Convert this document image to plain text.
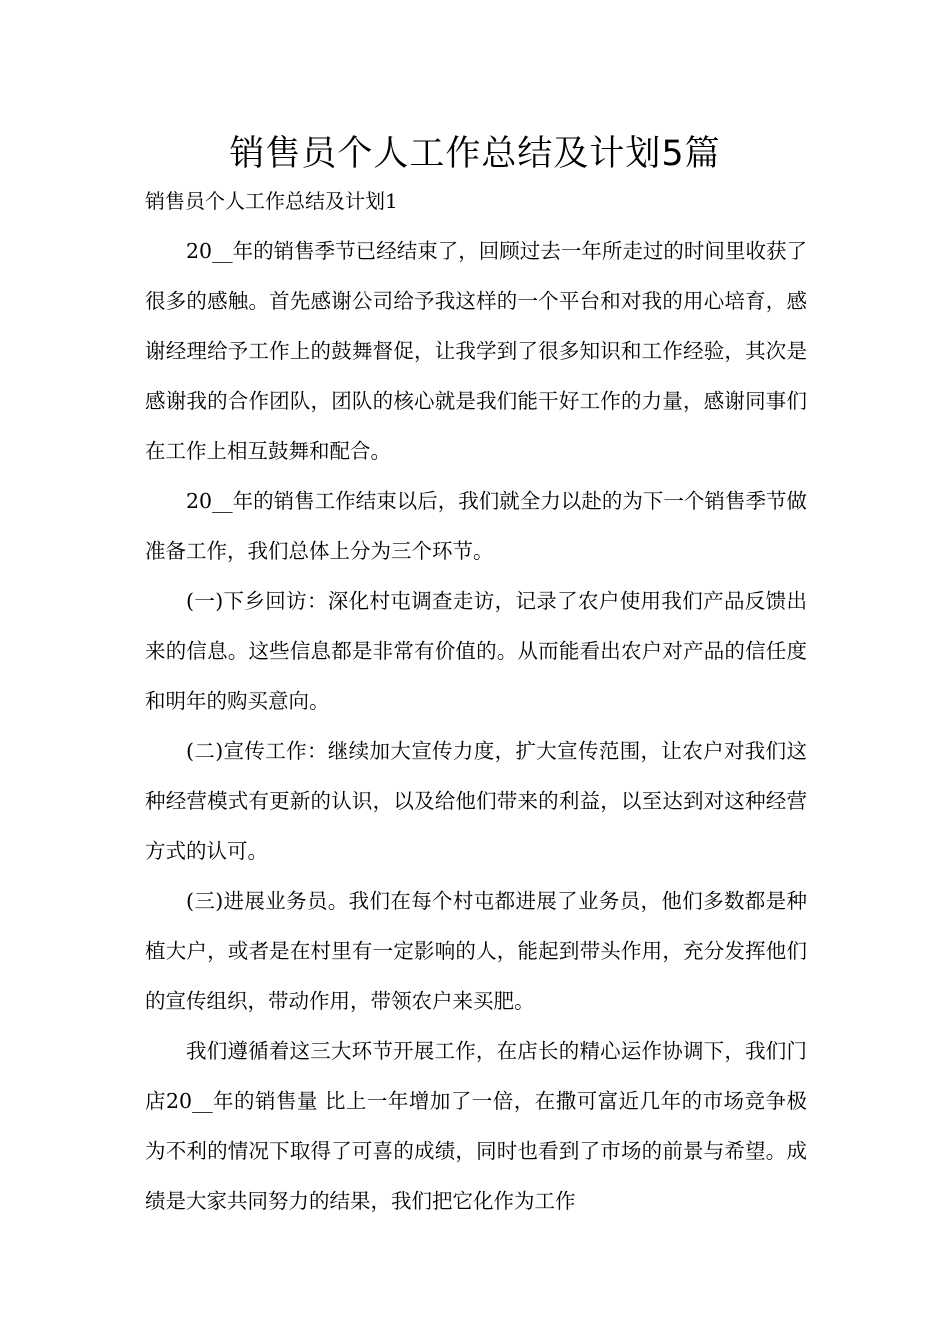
销售员个人工作总结及计划5篇
销售员个人工作总结及计划1

20__年的销售季节已经结束了，回顾过去一年所走过的时间里收获了很多的感触。首先感谢公司给予我这样的一个平台和对我的用心培育，感谢经理给予工作上的鼓舞督促，让我学到了很多知识和工作经验，其次是感谢我的合作团队，团队的核心就是我们能干好工作的力量，感谢同事们在工作上相互鼓舞和配合。

20__年的销售工作结束以后，我们就全力以赴的为下一个销售季节做准备工作，我们总体上分为三个环节。

(一)下乡回访：深化村屯调查走访，记录了农户使用我们产品反馈出来的信息。这些信息都是非常有价值的。从而能看出农户对产品的信任度和明年的购买意向。

(二)宣传工作：继续加大宣传力度，扩大宣传范围，让农户对我们这种经营模式有更新的认识，以及给他们带来的利益，以至达到对这种经营方式的认可。

(三)进展业务员。我们在每个村屯都进展了业务员，他们多数都是种植大户，或者是在村里有一定影响的人，能起到带头作用，充分发挥他们的宣传组织，带动作用，带领农户来买肥。

我们遵循着这三大环节开展工作，在店长的精心运作协调下，我们门店20__年的销售量 比上一年增加了一倍，在撒可富近几年的市场竞争极为不利的情况下取得了可喜的成绩，同时也看到了市场的前景与希望。成绩是大家共同努力的结果，我们把它化作为工作
